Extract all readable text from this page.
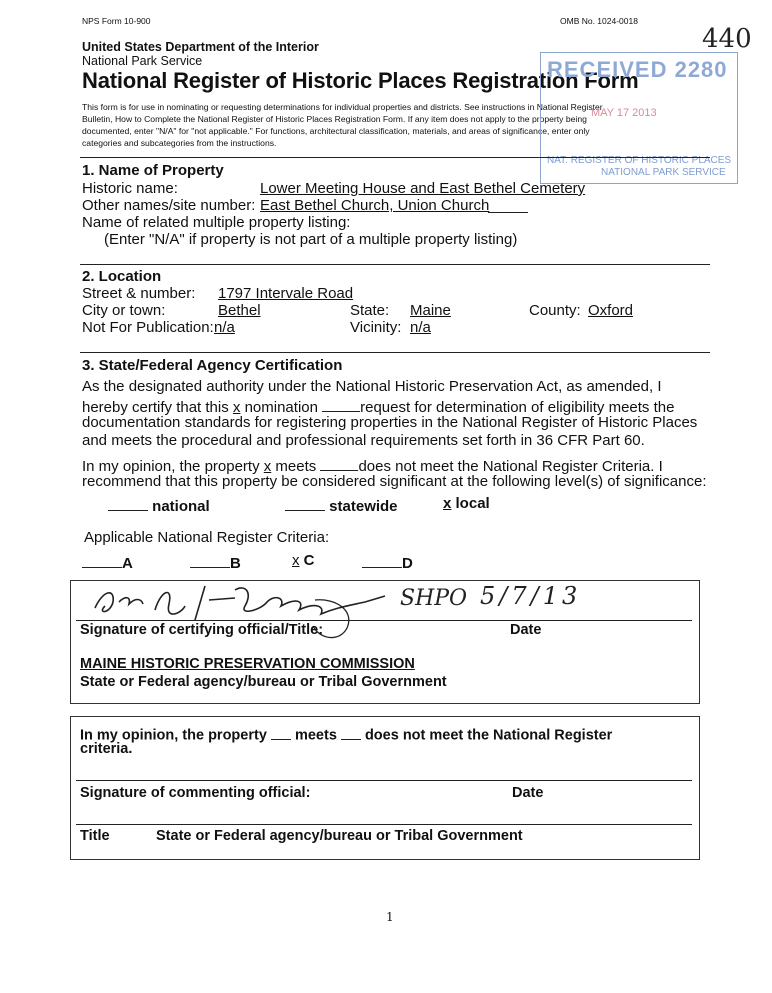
NPS Form 10-900	OMB No. 1024-0018
440
United States Department of the Interior
National Park Service
National Register of Historic Places Registration Form
This form is for use in nominating or requesting determinations for individual properties and districts. See instructions in National Register
Bulletin, How to Complete the National Register of Historic Places Registration Form. If any item does not apply to the property being
documented, enter "N/A" for "not applicable." For functions, architectural classification, materials, and areas of significance, enter only
categories and subcategories from the instructions.
RECEIVED 2280
MAY 17 2013
NAT. REGISTER OF HISTORIC PLACES
NATIONAL PARK SERVICE
1. Name of Property
Historic name:	Lower Meeting House and East Bethel Cemetery
Other names/site number: East Bethel Church, Union Church
Name of related multiple property listing:
(Enter "N/A" if property is not part of a multiple property listing)
2. Location
Street & number: 1797 Intervale Road
City or town:	Bethel	State: Maine	County: Oxford
Not For Publication: n/a	Vicinity: n/a
3. State/Federal Agency Certification
As the designated authority under the National Historic Preservation Act, as amended, I
hereby certify that this x nomination	request for determination of eligibility meets the
documentation standards for registering properties in the National Register of Historic Places
and meets the procedural and professional requirements set forth in 36 CFR Part 60.
In my opinion, the property x meets	does not meet the National Register Criteria. I
recommend that this property be considered significant at the following level(s) of significance:
national	statewide	x local
Applicable National Register Criteria:
A	B	x C	D
SHPO 5/7/13
Signature of certifying official/Title:	Date
MAINE HISTORIC PRESERVATION COMMISSION
State or Federal agency/bureau or Tribal Government
In my opinion, the property meets does not meet the National Register
criteria.
Signature of commenting official:	Date
Title	State or Federal agency/bureau or Tribal Government
1
